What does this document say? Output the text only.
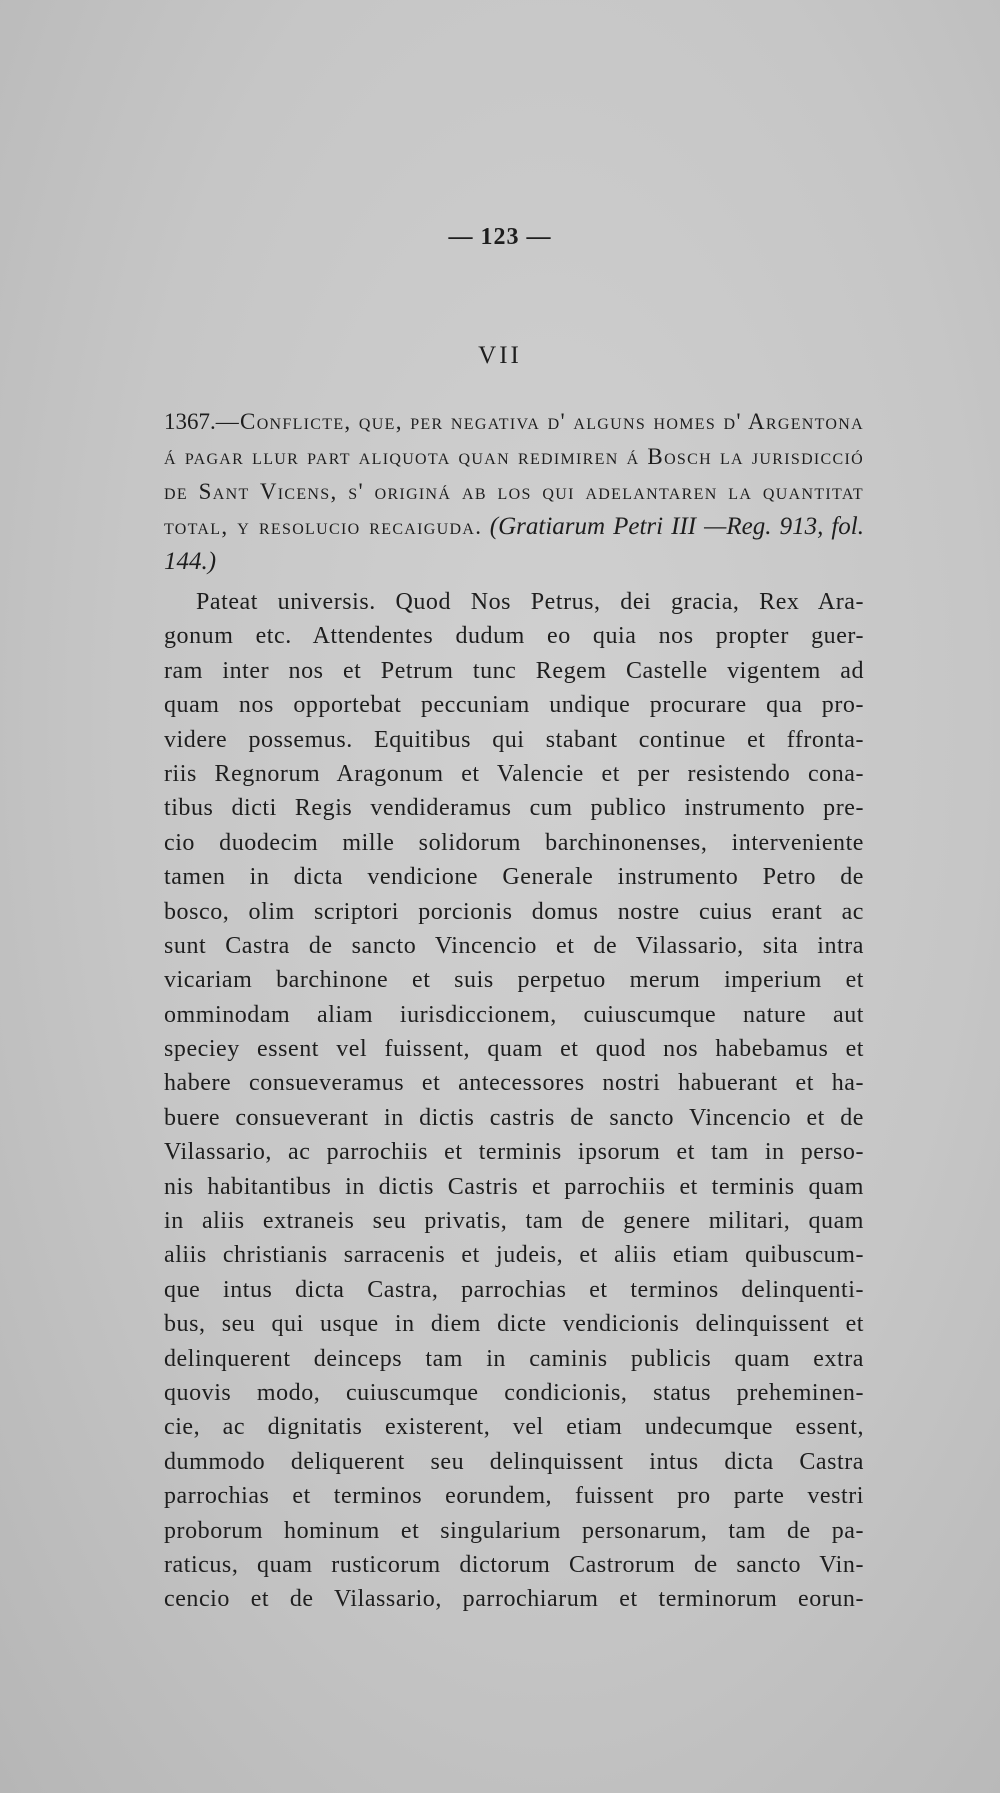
— 123 —
VII
1367.—Conflicte, que, per negativa d' alguns homes d' Argentona á pagar llur part aliquota quan redimiren á Bosch la jurisdicció de Sant Vicens, s' originá ab los qui adelantaren la quantitat total, y resolucio recaiguda. (Gratiarum Petri III —Reg. 913, fol. 144.)
Pateat universis. Quod Nos Petrus, dei gracia, Rex Ara-
gonum etc. Attendentes dudum eo quia nos propter guer-
ram inter nos et Petrum tunc Regem Castelle vigentem ad
quam nos opportebat peccuniam undique procurare qua pro-
videre possemus. Equitibus qui stabant continue et ffronta-
riis Regnorum Aragonum et Valencie et per resistendo cona-
tibus dicti Regis vendideramus cum publico instrumento pre-
cio duodecim mille solidorum barchinonenses, interveniente
tamen in dicta vendicione Generale instrumento Petro de
bosco, olim scriptori porcionis domus nostre cuius erant ac
sunt Castra de sancto Vincencio et de Vilassario, sita intra
vicariam barchinone et suis perpetuo merum imperium et
omminodam aliam iurisdiccionem, cuiuscumque nature aut
speciey essent vel fuissent, quam et quod nos habebamus et
habere consueveramus et antecessores nostri habuerant et ha-
buere consueverant in dictis castris de sancto Vincencio et de
Vilassario, ac parrochiis et terminis ipsorum et tam in perso-
nis habitantibus in dictis Castris et parrochiis et terminis quam
in aliis extraneis seu privatis, tam de genere militari, quam
aliis christianis sarracenis et judeis, et aliis etiam quibuscum-
que intus dicta Castra, parrochias et terminos delinquenti-
bus, seu qui usque in diem dicte vendicionis delinquissent et
delinquerent deinceps tam in caminis publicis quam extra
quovis modo, cuiuscumque condicionis, status preheminen-
cie, ac dignitatis existerent, vel etiam undecumque essent,
dummodo deliquerent seu delinquissent intus dicta Castra
parrochias et terminos eorundem, fuissent pro parte vestri
proborum hominum et singularium personarum, tam de pa-
raticus, quam rusticorum dictorum Castrorum de sancto Vin-
cencio et de Vilassario, parrochiarum et terminorum eorun-
